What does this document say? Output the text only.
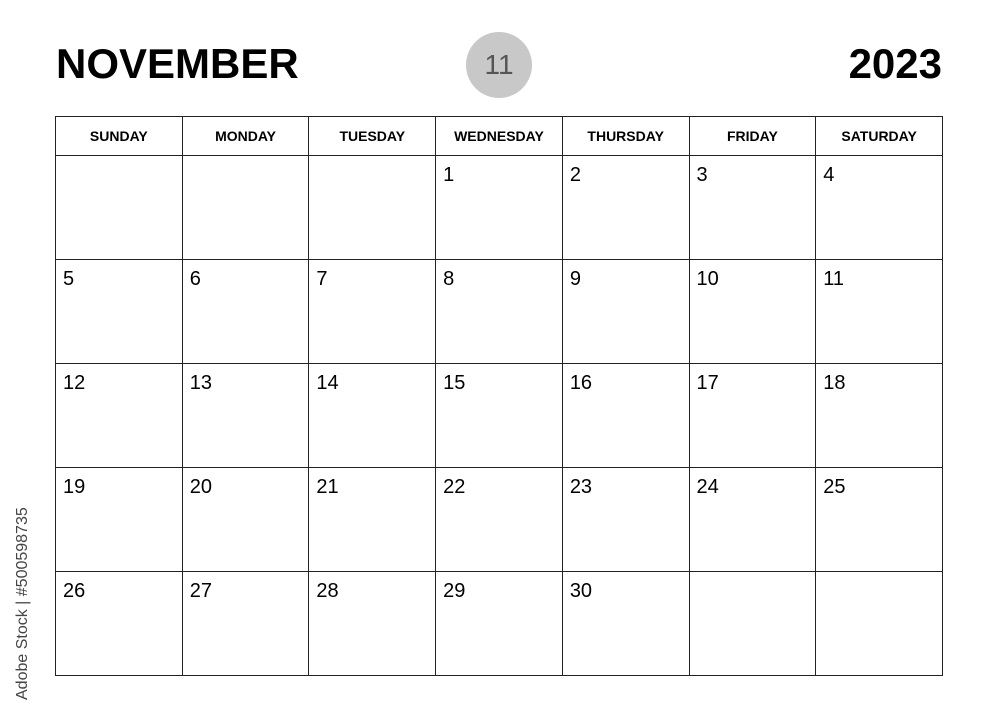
NOVEMBER	11	2023
SUNDAY	MONDAY	TUESDAY	WEDNESDAY	THURSDAY	FRIDAY	SATURDAY

			1	2	3	4

5	6	7	8	9	10	11

12	13	14	15	16	17	18

19	20	21	22	23	24	25

26	27	28	29	30		

Adobe Stock | #500598735
